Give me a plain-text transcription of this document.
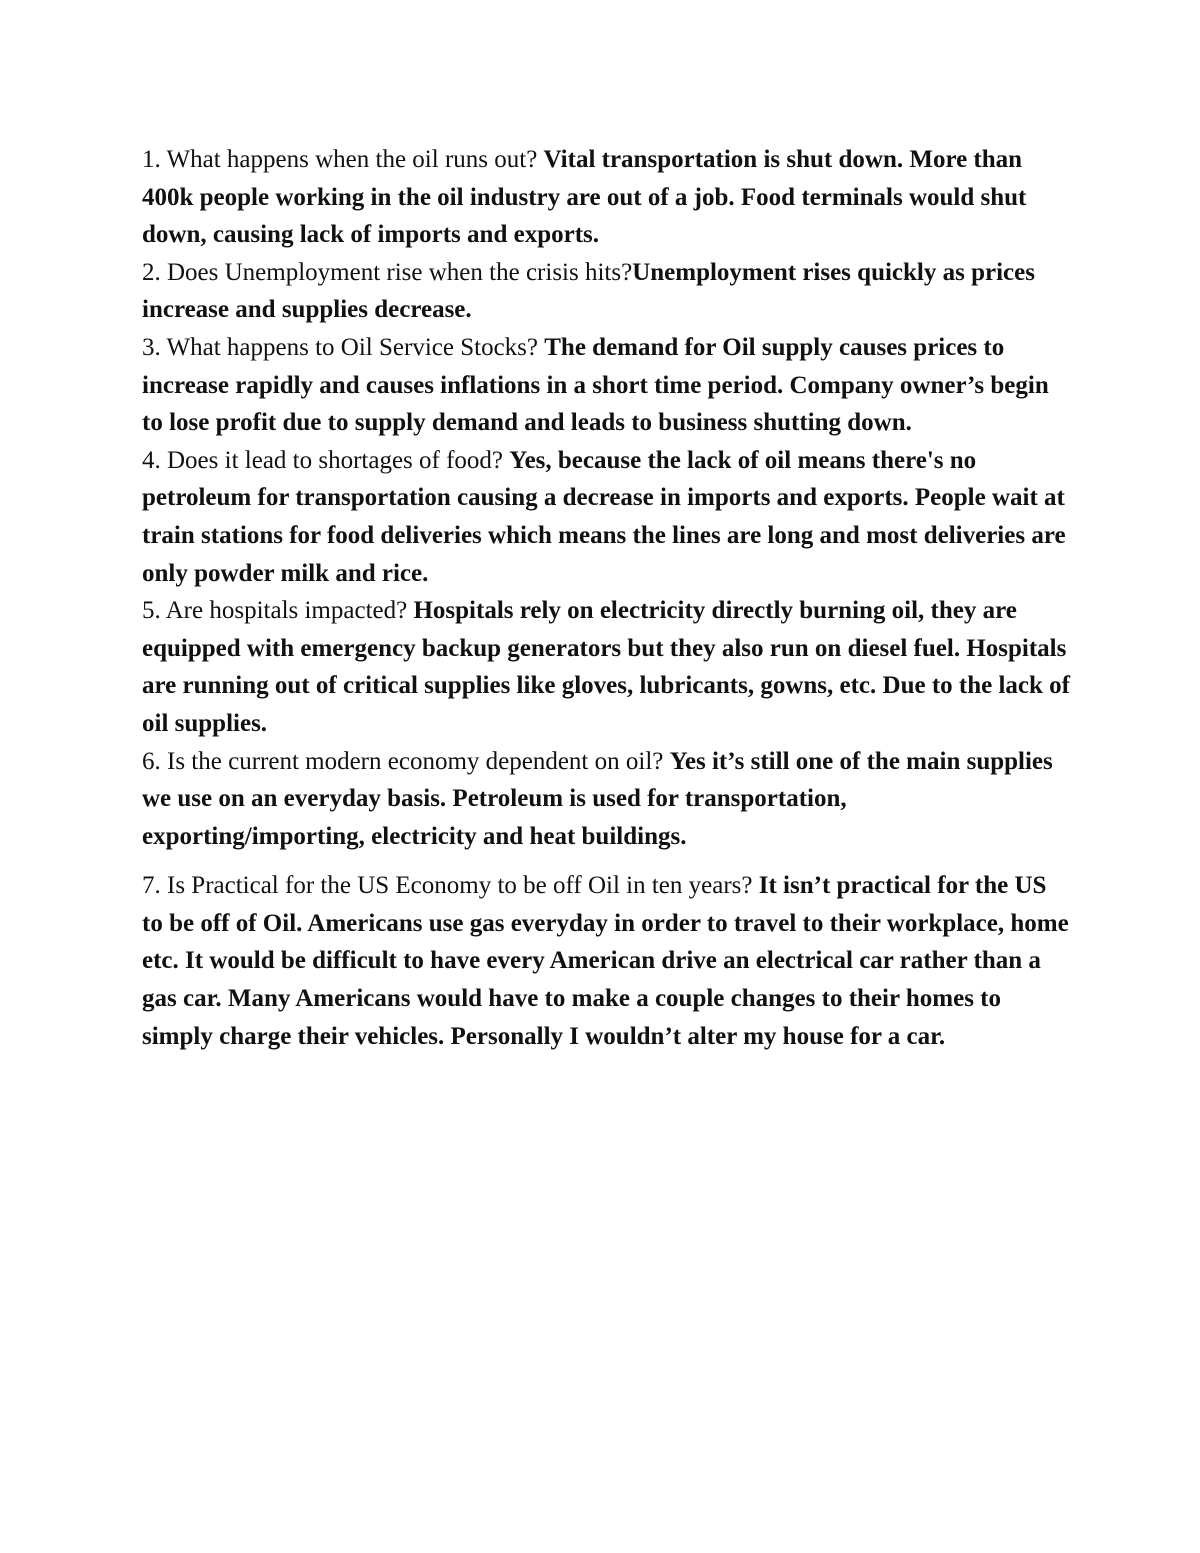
1. What happens when the oil runs out? Vital transportation is shut down. More than 400k people working in the oil industry are out of a job. Food terminals would shut down, causing lack of imports and exports.

2. Does Unemployment rise when the crisis hits?Unemployment rises quickly as prices increase and supplies decrease.

3. What happens to Oil Service Stocks? The demand for Oil supply causes prices to increase rapidly and causes inflations in a short time period. Company owner’s begin to lose profit due to supply demand and leads to business shutting down.

4. Does it lead to shortages of food? Yes, because the lack of oil means there's no petroleum for transportation causing a decrease in imports and exports. People wait at train stations for food deliveries which means the lines are long and most deliveries are only powder milk and rice.

5. Are hospitals impacted? Hospitals rely on electricity directly burning oil, they are equipped with emergency backup generators but they also run on diesel fuel. Hospitals are running out of critical supplies like gloves, lubricants, gowns, etc. Due to the lack of oil supplies.

6. Is the current modern economy dependent on oil? Yes it’s still one of the main supplies we use on an everyday basis. Petroleum is used for transportation, exporting/importing, electricity and heat buildings.

7. Is Practical for the US Economy to be off Oil in ten years? It isn’t practical for the US to be off of Oil. Americans use gas everyday in order to travel to their workplace, home etc. It would be difficult to have every American drive an electrical car rather than a gas car. Many Americans would have to make a couple changes to their homes to simply charge their vehicles. Personally I wouldn’t alter my house for a car.
